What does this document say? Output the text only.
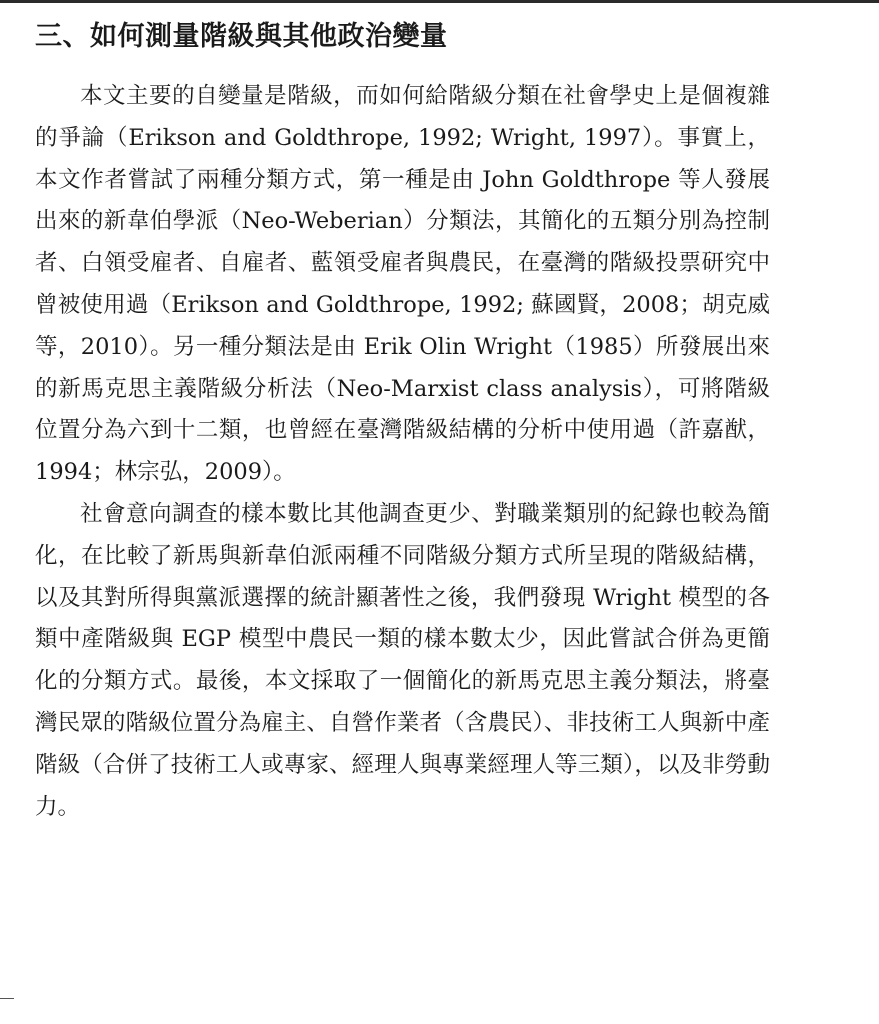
三、如何測量階級與其他政治變量

本文主要的自變量是階級，而如何給階級分類在社會學史上是個複雜的爭論（Erikson and Goldthrope, 1992; Wright, 1997）。事實上，本文作者嘗試了兩種分類方式，第一種是由 John Goldthrope 等人發展出來的新韋伯學派（Neo-Weberian）分類法，其簡化的五類分別為控制者、白領受雇者、自雇者、藍領受雇者與農民，在臺灣的階級投票研究中曾被使用過（Erikson and Goldthrope, 1992; 蘇國賢，2008；胡克威等，2010）。另一種分類法是由 Erik Olin Wright（1985）所發展出來的新馬克思主義階級分析法（Neo-Marxist class analysis），可將階級位置分為六到十二類，也曾經在臺灣階級結構的分析中使用過（許嘉猷，1994；林宗弘，2009）。

社會意向調查的樣本數比其他調查更少、對職業類別的紀錄也較為簡化，在比較了新馬與新韋伯派兩種不同階級分類方式所呈現的階級結構，以及其對所得與黨派選擇的統計顯著性之後，我們發現 Wright 模型的各類中產階級與 EGP 模型中農民一類的樣本數太少，因此嘗試合併為更簡化的分類方式。最後，本文採取了一個簡化的新馬克思主義分類法，將臺灣民眾的階級位置分為雇主、自營作業者（含農民）、非技術工人與新中產階級（合併了技術工人或專家、經理人與專業經理人等三類），以及非勞動力。
